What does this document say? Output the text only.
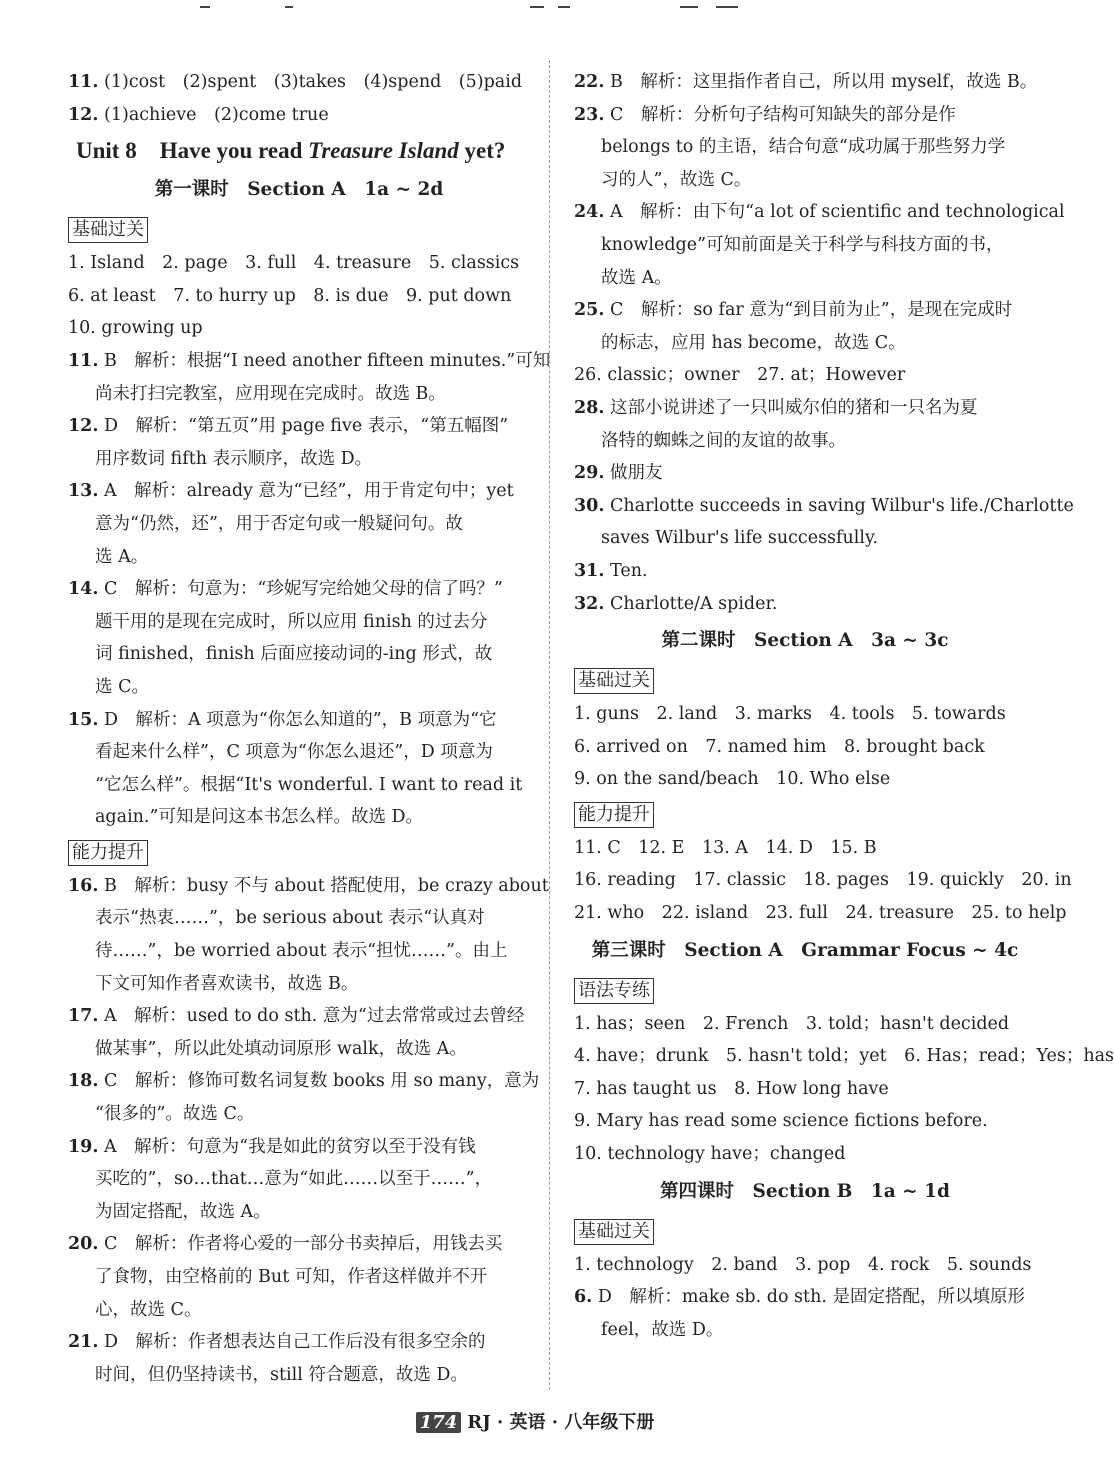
11. (1)cost　(2)spent　(3)takes　(4)spend　(5)paid
12. (1)achieve　(2)come true
Unit 8　Have you read Treasure Island yet?
第一课时　Section A　1a ~ 2d
基础过关
1. Island　2. page　3. full　4. treasure　5. classics
6. at least　7. to hurry up　8. is due　9. put down
10. growing up
11. B　解析：根据“I need another fifteen minutes.”可知
尚未打扫完教室，应用现在完成时。故选 B。
12. D　解析：“第五页”用 page five 表示，“第五幅图”
用序数词 fifth 表示顺序，故选 D。
13. A　解析：already 意为“已经”，用于肯定句中；yet
意为“仍然，还”，用于否定句或一般疑问句。故
选 A。
14. C　解析：句意为：“珍妮写完给她父母的信了吗？”
题干用的是现在完成时，所以应用 finish 的过去分
词 finished，finish 后面应接动词的-ing 形式，故
选 C。
15. D　解析：A 项意为“你怎么知道的”，B 项意为“它
看起来什么样”，C 项意为“你怎么退还”，D 项意为
“它怎么样”。根据“It's wonderful. I want to read it
again.”可知是问这本书怎么样。故选 D。
能力提升
16. B　解析：busy 不与 about 搭配使用，be crazy about
表示“热衷……”，be serious about 表示“认真对
待……”，be worried about 表示“担忧……”。由上
下文可知作者喜欢读书，故选 B。
17. A　解析：used to do sth. 意为“过去常常或过去曾经
做某事”，所以此处填动词原形 walk，故选 A。
18. C　解析：修饰可数名词复数 books 用 so many，意为
“很多的”。故选 C。
19. A　解析：句意为“我是如此的贫穷以至于没有钱
买吃的”，so…that…意为“如此……以至于……”，
为固定搭配，故选 A。
20. C　解析：作者将心爱的一部分书卖掉后，用钱去买
了食物，由空格前的 But 可知，作者这样做并不开
心，故选 C。
21. D　解析：作者想表达自己工作后没有很多空余的
时间，但仍坚持读书，still 符合题意，故选 D。
22. B　解析：这里指作者自己，所以用 myself，故选 B。
23. C　解析：分析句子结构可知缺失的部分是作
belongs to 的主语，结合句意“成功属于那些努力学
习的人”，故选 C。
24. A　解析：由下句“a lot of scientific and technological
knowledge”可知前面是关于科学与科技方面的书，
故选 A。
25. C　解析：so far 意为“到目前为止”，是现在完成时
的标志，应用 has become，故选 C。
26. classic；owner　27. at；However
28. 这部小说讲述了一只叫威尔伯的猪和一只名为夏
洛特的蜘蛛之间的友谊的故事。
29. 做朋友
30. Charlotte succeeds in saving Wilbur's life./Charlotte
saves Wilbur's life successfully.
31. Ten.
32. Charlotte/A spider.
第二课时　Section A　3a ~ 3c
基础过关
1. guns　2. land　3. marks　4. tools　5. towards
6. arrived on　7. named him　8. brought back
9. on the sand/beach　10. Who else
能力提升
11. C　12. E　13. A　14. D　15. B
16. reading　17. classic　18. pages　19. quickly　20. in
21. who　22. island　23. full　24. treasure　25. to help
第三课时　Section A　Grammar Focus ~ 4c
语法专练
1. has；seen　2. French　3. told；hasn't decided
4. have；drunk　5. hasn't told；yet　6. Has；read；Yes；has
7. has taught us　8. How long have
9. Mary has read some science fictions before.
10. technology have；changed
第四课时　Section B　1a ~ 1d
基础过关
1. technology　2. band　3. pop　4. rock　5. sounds
6. D　解析：make sb. do sth. 是固定搭配，所以填原形
feel，故选 D。
174 RJ · 英语 · 八年级下册
